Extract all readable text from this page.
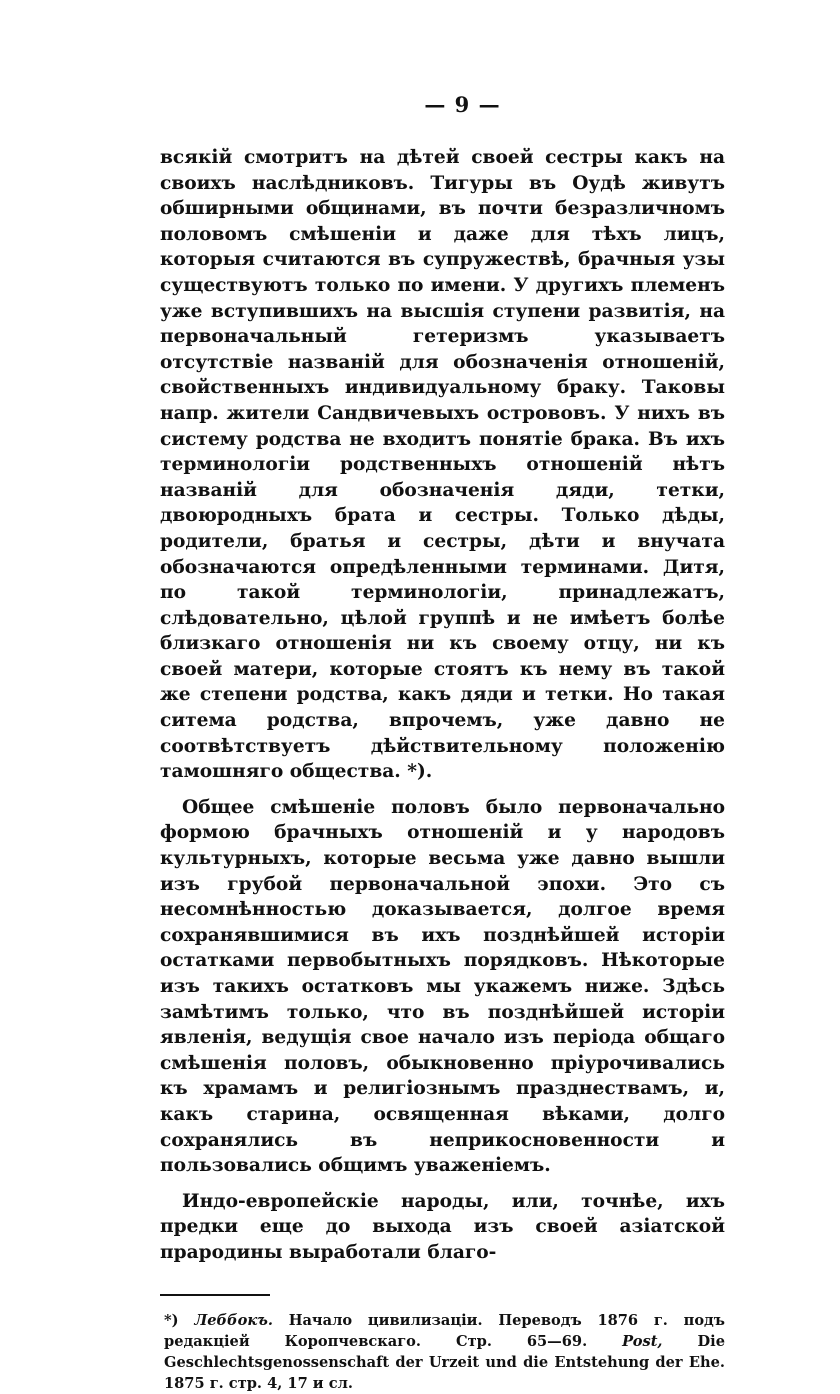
— 9 —

всякій смотритъ на дѣтей своей сестры какъ на своихъ наслѣдниковъ. Тигуры въ Оудѣ живутъ обширными общинами, въ почти безразличномъ половомъ смѣшеніи и даже для тѣхъ лицъ, которыя считаются въ супружествѣ, брачныя узы существуютъ только по имени. У другихъ племенъ уже вступившихъ на высшія ступени развитія, на первоначальный гетеризмъ указываетъ отсутствіе названій для обозначенія отношеній, свойственныхъ индивидуальному браку. Таковы напр. жители Сандвичевыхъ острововъ. У нихъ въ систему родства не входитъ понятіе брака. Въ ихъ терминологіи родственныхъ отношеній нѣтъ названій для обозначенія дяди, тетки, двоюродныхъ брата и сестры. Только дѣды, родители, братья и сестры, дѣти и внучата обозначаются опредѣленными терминами. Дитя, по такой терминологіи, принадлежатъ, слѣдовательно, цѣлой группѣ и не имѣетъ болѣе близкаго отношенія ни къ своему отцу, ни къ своей матери, которые стоятъ къ нему въ такой же степени родства, какъ дяди и тетки. Но такая ситема родства, впрочемъ, уже давно не соотвѣтствуетъ дѣйствительному положенію тамошняго общества. *).

Общее смѣшеніе половъ было первоначально формою брачныхъ отношеній и у народовъ культурныхъ, которые весьма уже давно вышли изъ грубой первоначальной эпохи. Это съ несомнѣнностью доказывается, долгое время сохранявшимися въ ихъ позднѣйшей исторіи остатками первобытныхъ порядковъ. Нѣкоторые изъ такихъ остатковъ мы укажемъ ниже. Здѣсь замѣтимъ только, что въ позднѣйшей исторіи явленія, ведущія свое начало изъ періода общаго смѣшенія половъ, обыкновенно пріурочивались къ храмамъ и религіознымъ празднествамъ, и, какъ старина, освященная вѣками, долго сохранялись въ неприкосновенности и пользовались общимъ уваженіемъ.

Индо-европейскіе народы, или, точнѣе, ихъ предки еще до выхода изъ своей азіатской прародины выработали благо-

*) Леббокъ. Начало цивилизаціи. Переводъ 1876 г. подъ редакціей Коропчевскаго. Стр. 65—69. Post, Die Geschlechtsgenossenschaft der Urzeit und die Entstehung der Ehe. 1875 г. стр. 4, 17 и сл.
